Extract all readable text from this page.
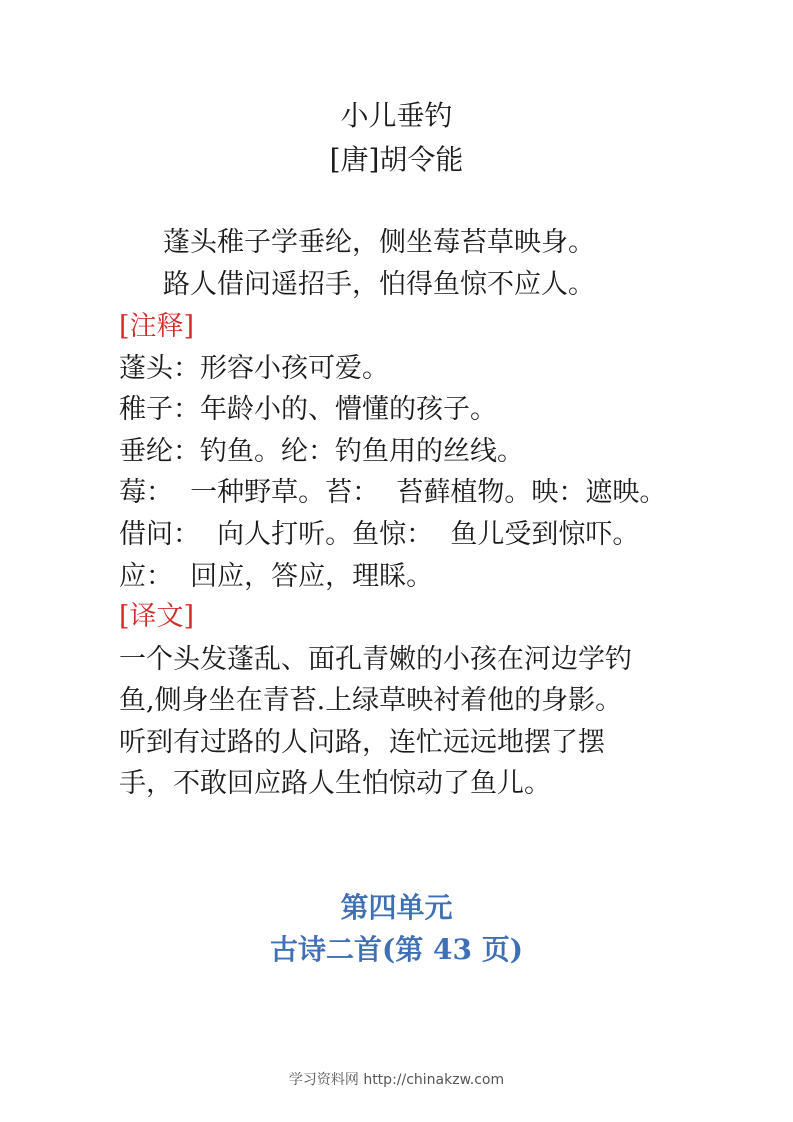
小儿垂钓
[唐]胡令能
蓬头稚子学垂纶，侧坐莓苔草映身。
路人借问遥招手，怕得鱼惊不应人。
[注释]
蓬头：形容小孩可爱。
稚子：年龄小的、懵懂的孩子。
垂纶：钓鱼。纶：钓鱼用的丝线。
莓：  一种野草。苔：  苔藓植物。映：遮映。
借问：  向人打听。鱼惊：  鱼儿受到惊吓。
应：  回应，答应，理睬。
[译文]
一个头发蓬乱、面孔青嫩的小孩在河边学钓
鱼,侧身坐在青苔.上绿草映衬着他的身影。
听到有过路的人问路，连忙远远地摆了摆
手，不敢回应路人生怕惊动了鱼儿。
第四单元
古诗二首(第 43 页)
学习资料网 http://chinakzw.com
